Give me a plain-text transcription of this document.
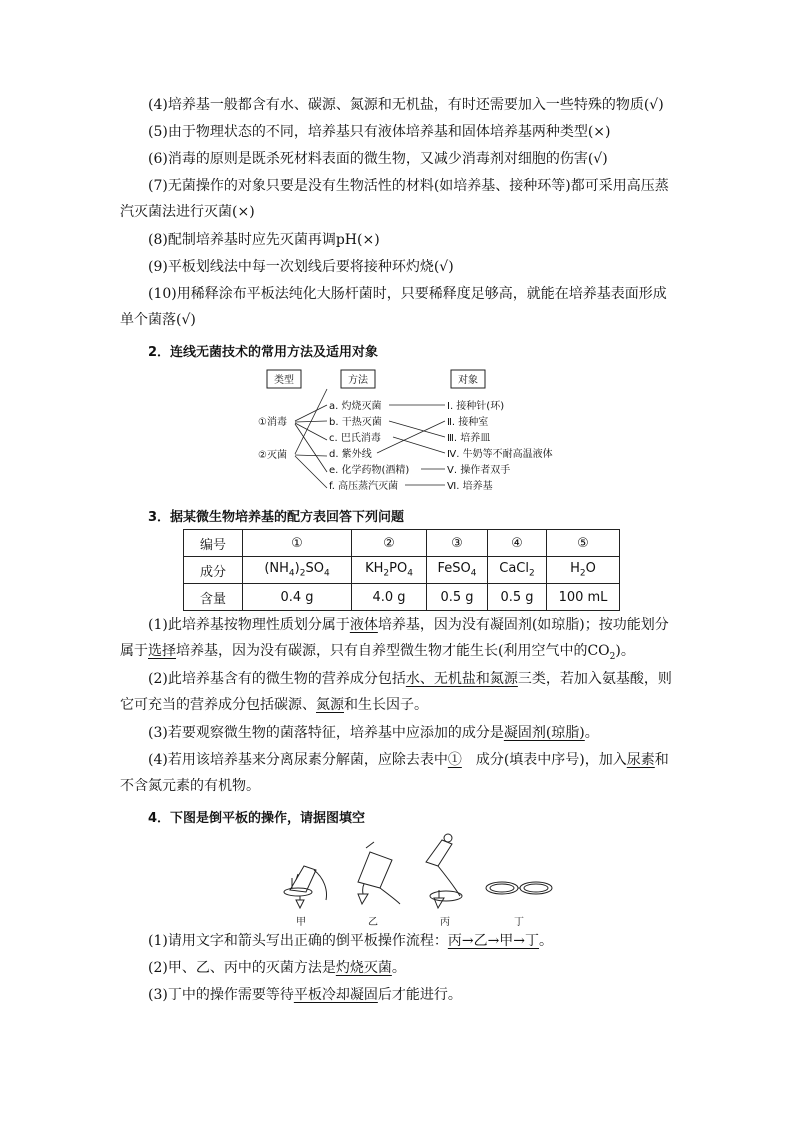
(4)培养基一般都含有水、碳源、氮源和无机盐，有时还需要加入一些特殊的物质(√)

(5)由于物理状态的不同，培养基只有液体培养基和固体培养基两种类型(×)

(6)消毒的原则是既杀死材料表面的微生物，又减少消毒剂对细胞的伤害(√)

(7)无菌操作的对象只要是没有生物活性的材料(如培养基、接种环等)都可采用高压蒸汽灭菌法进行灭菌(×)

(8)配制培养基时应先灭菌再调pH(×)

(9)平板划线法中每一次划线后要将接种环灼烧(√)

(10)用稀释涂布平板法纯化大肠杆菌时，只要稀释度足够高，就能在培养基表面形成单个菌落(√)

2．连线无菌技术的常用方法及适用对象

类型	方法	对象
①消毒
②灭菌
a. 灼烧灭菌
b. 干热灭菌
c. 巴氏消毒
d. 紫外线
e. 化学药物(酒精)
f. 高压蒸汽灭菌
Ⅰ. 接种针(环)
Ⅱ. 接种室
Ⅲ. 培养皿
Ⅳ. 牛奶等不耐高温液体
Ⅴ. 操作者双手
Ⅵ. 培养基

3．据某微生物培养基的配方表回答下列问题

编号	①	②	③	④	⑤
成分	$(NH_4)_2SO_4$	$KH_2PO_4$	FeSO$_4$	CaCl$_2$	$H_2O$
含量	0.4 g	4.0 g	0.5 g	0.5 g	100 mL

(1)此培养基按物理性质划分属于液体培养基，因为没有凝固剂(如琼脂)；按功能划分属于选择培养基，因为没有碳源，只有自养型微生物才能生长(利用空气中的$CO_2$)。

(2)此培养基含有的微生物的营养成分包括水、无机盐和氮源三类，若加入氨基酸，则它可充当的营养成分包括碳源、氮源和生长因子。

(3)若要观察微生物的菌落特征，培养基中应添加的成分是凝固剂(琼脂)。

(4)若用该培养基来分离尿素分解菌，应除去表中①　 成分(填表中序号)，加入尿素和不含氮元素的有机物。

4．下图是倒平板的操作，请据图填空

甲	乙	丙	丁

(1)请用文字和箭头写出正确的倒平板操作流程：丙→乙→甲→丁。

(2)甲、乙、丙中的灭菌方法是灼烧灭菌。

(3)丁中的操作需要等待平板冷却凝固后才能进行。
